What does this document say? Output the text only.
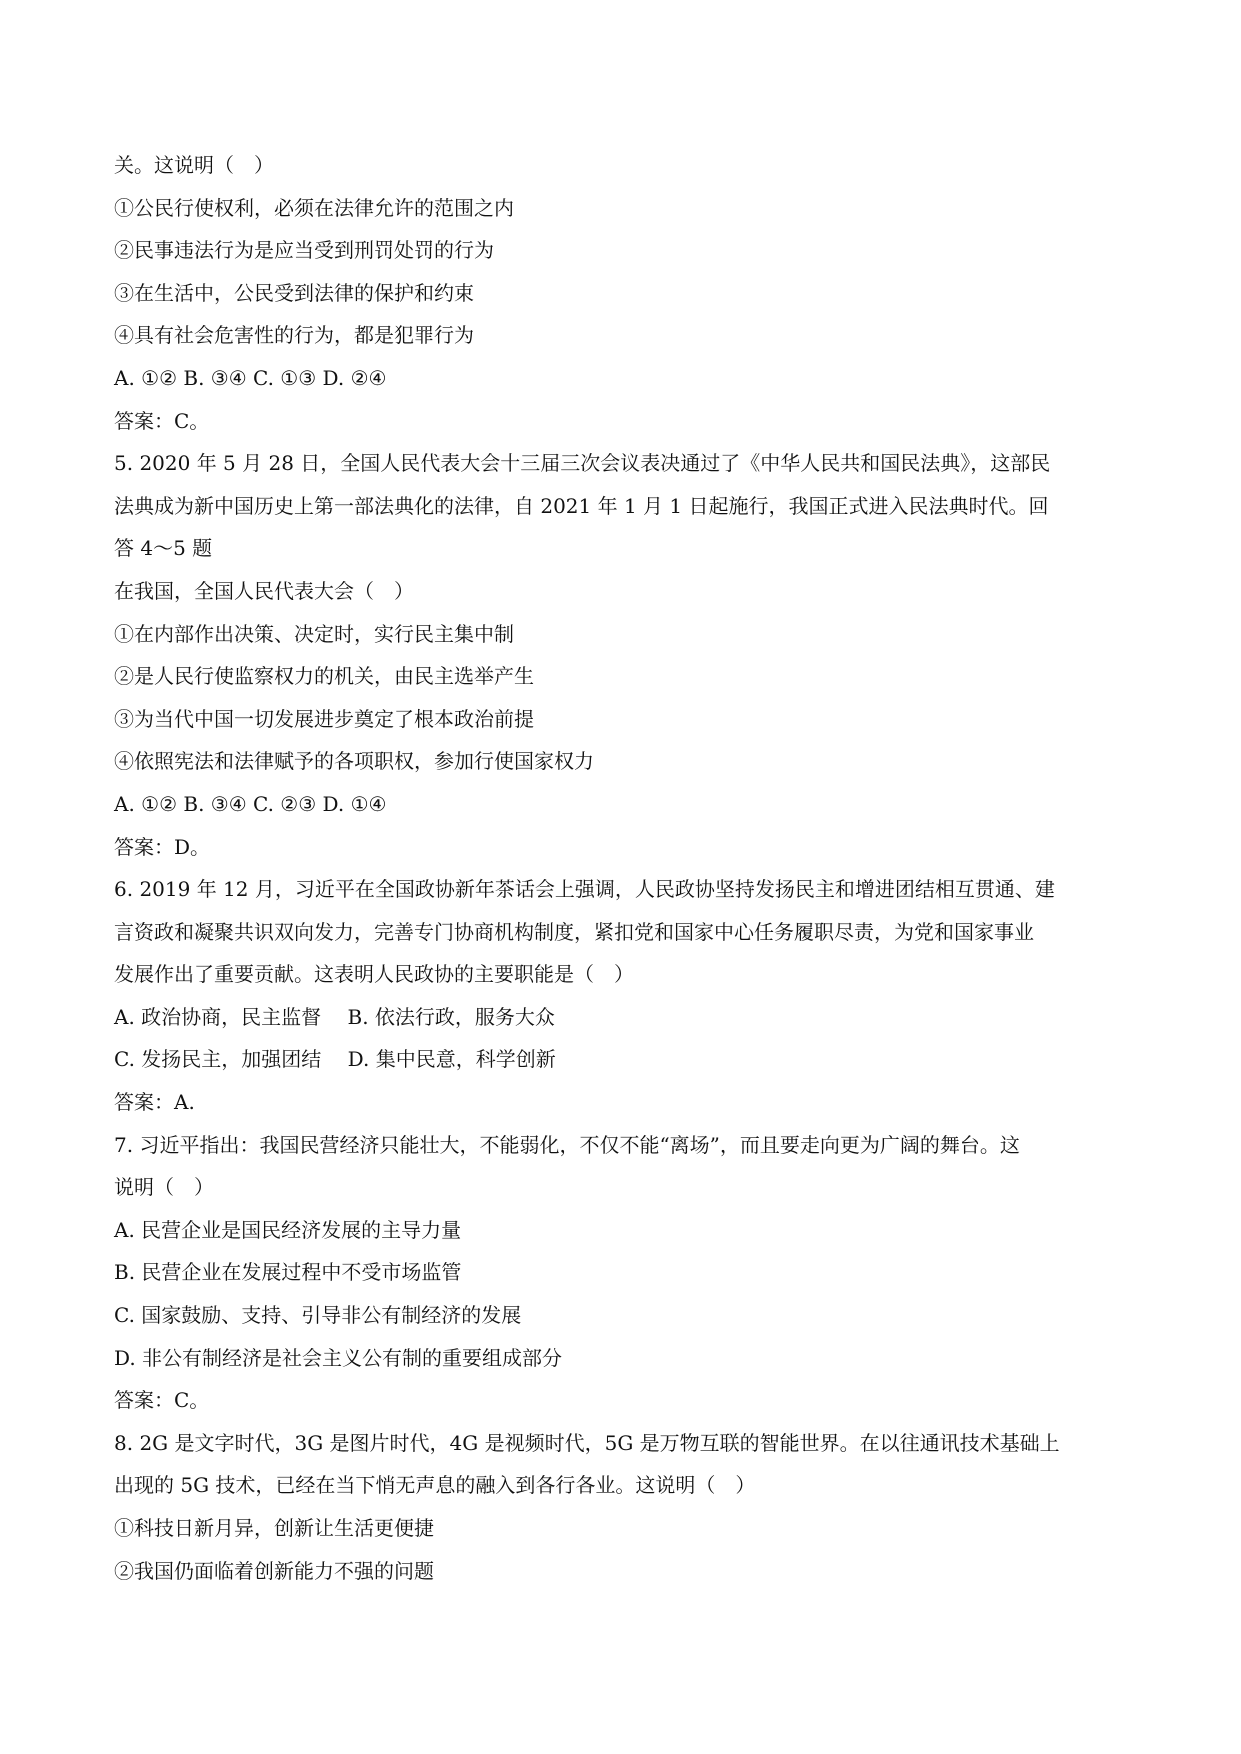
关。这说明（　）

①公民行使权利，必须在法律允许的范围之内

②民事违法行为是应当受到刑罚处罚的行为

③在生活中，公民受到法律的保护和约束

④具有社会危害性的行为，都是犯罪行为

A. ①② B. ③④ C. ①③ D. ②④

答案：C。

5. 2020 年 5 月 28 日，全国人民代表大会十三届三次会议表决通过了《中华人民共和国民法典》，这部民

法典成为新中国历史上第一部法典化的法律，自 2021 年 1 月 1 日起施行，我国正式进入民法典时代。回

答 4～5 题

在我国，全国人民代表大会（　）

①在内部作出决策、决定时，实行民主集中制

②是人民行使监察权力的机关，由民主选举产生

③为当代中国一切发展进步奠定了根本政治前提

④依照宪法和法律赋予的各项职权，参加行使国家权力

A. ①② B. ③④ C. ②③ D. ①④

答案：D。

6. 2019 年 12 月，习近平在全国政协新年茶话会上强调，人民政协坚持发扬民主和增进团结相互贯通、建

言资政和凝聚共识双向发力，完善专门协商机构制度，紧扣党和国家中心任务履职尽责，为党和国家事业

发展作出了重要贡献。这表明人民政协的主要职能是（　）

A. 政治协商，民主监督　 B. 依法行政，服务大众

C. 发扬民主，加强团结　 D. 集中民意，科学创新

答案：A.

7. 习近平指出：我国民营经济只能壮大，不能弱化，不仅不能“离场”，而且要走向更为广阔的舞台。这

说明（　）

A. 民营企业是国民经济发展的主导力量

B. 民营企业在发展过程中不受市场监管

C. 国家鼓励、支持、引导非公有制经济的发展

D. 非公有制经济是社会主义公有制的重要组成部分

答案：C。

8. 2G 是文字时代，3G 是图片时代，4G 是视频时代，5G 是万物互联的智能世界。在以往通讯技术基础上

出现的 5G 技术，已经在当下悄无声息的融入到各行各业。这说明（　）

①科技日新月异，创新让生活更便捷

②我国仍面临着创新能力不强的问题
